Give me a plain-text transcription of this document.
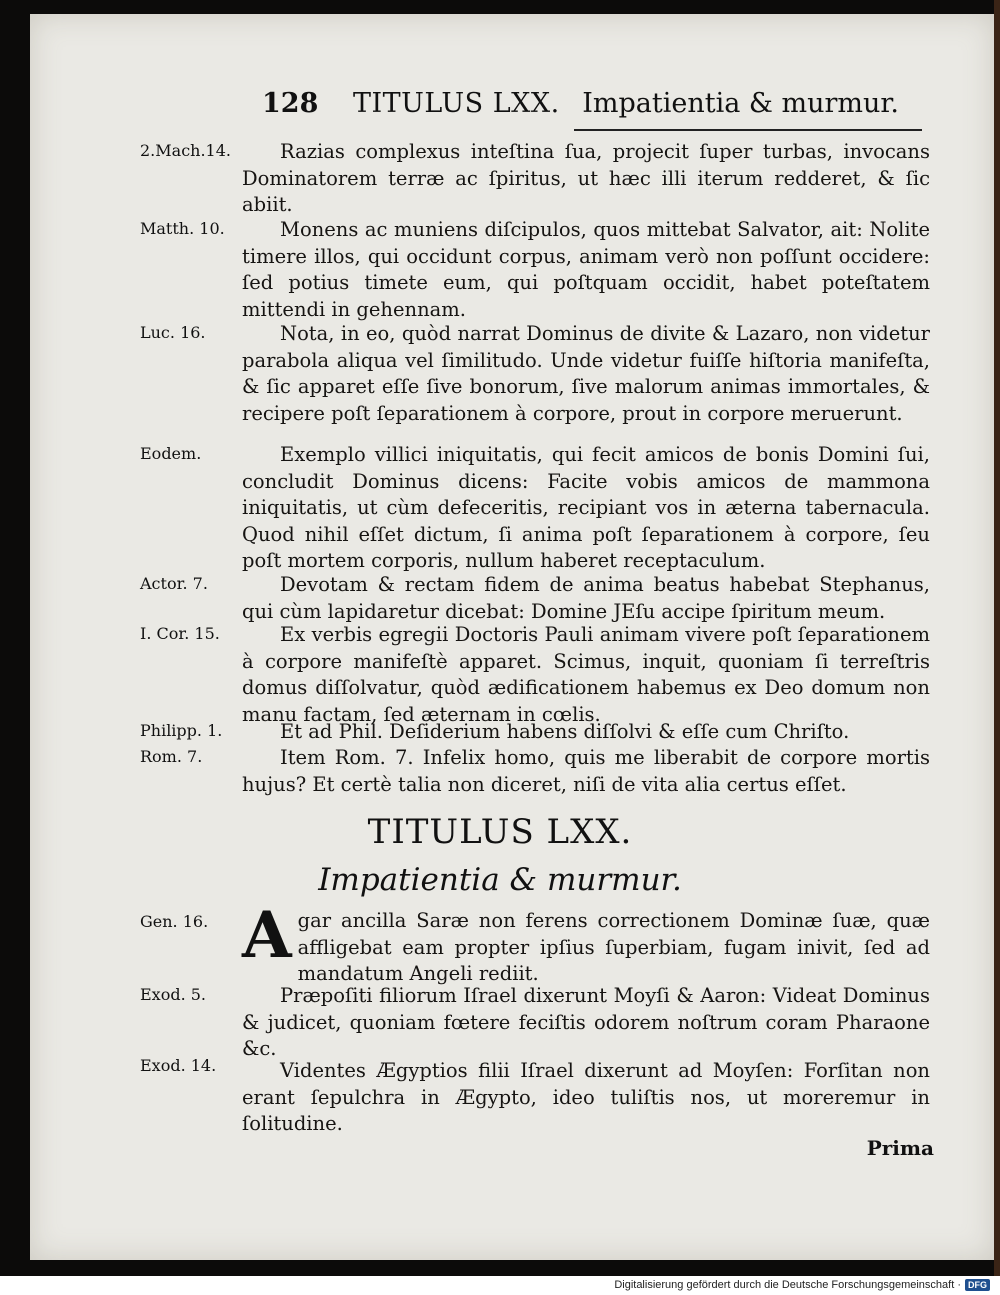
128 TITULUS LXX. Impatientia & murmur.
2.Mach.14.	Razias complexus inteſtina ſua, projecit ſuper turbas, invocans Dominatorem terræ ac ſpiritus, ut hæc illi iterum redderet, & ſic abiit.
Matth. 10.	Monens ac muniens diſcipulos, quos mittebat Salvator, ait: Nolite timere illos, qui occidunt corpus, animam verò non poſſunt occidere: ſed potius timete eum, qui poſtquam occidit, habet poteſtatem mittendi in gehennam.
Luc. 16.	Nota, in eo, quòd narrat Dominus de divite & Lazaro, non videtur parabola aliqua vel ſimilitudo. Unde videtur fuiſſe hiſtoria manifeſta, & ſic apparet eſſe ſive bonorum, ſive malorum animas immortales, & recipere poſt ſeparationem à corpore, prout in corpore meruerunt.
Eodem.	Exemplo villici iniquitatis, qui fecit amicos de bonis Domini ſui, concludit Dominus dicens: Facite vobis amicos de mammona iniquitatis, ut cùm defeceritis, recipiant vos in æterna tabernacula. Quod nihil eſſet dictum, ſi anima poſt ſeparationem à corpore, ſeu poſt mortem corporis, nullum haberet receptaculum.
Actor. 7.	Devotam & rectam fidem de anima beatus habebat Stephanus, qui cùm lapidaretur dicebat: Domine JEſu accipe ſpiritum meum.
I. Cor. 15.	Ex verbis egregii Doctoris Pauli animam vivere poſt ſeparationem à corpore manifeſtè apparet. Scimus, inquit, quoniam ſi terreſtris domus diſſolvatur, quòd ædificationem habemus ex Deo domum non manu factam, ſed æternam in cœlis.
Philipp. 1.	Et ad Phil. Deſiderium habens diſſolvi & eſſe cum Chriſto.
Rom. 7.	Item Rom. 7. Infelix homo, quis me liberabit de corpore mortis hujus? Et certè talia non diceret, niſi de vita alia certus eſſet.
TITULUS LXX.
Impatientia & murmur.
Gen. 16. Agar ancilla Saræ non ferens correctionem Dominæ ſuæ, quæ affligebat eam propter ipſius ſuperbiam, fugam inivit, ſed ad mandatum Angeli rediit.
Exod. 5.	Præpoſiti filiorum Iſrael dixerunt Moyſi & Aaron: Videat Dominus & judicet, quoniam fœtere feciſtis odorem noſtrum coram Pharaone &c.
Exod. 14.	Videntes Ægyptios filii Iſrael dixerunt ad Moyſen: Forſitan non erant ſepulchra in Ægypto, ideo tuliſtis nos, ut moreremur in ſolitudine.
Prima
Digitalisierung gefördert durch die Deutsche Forschungsgemeinschaft · DFG
